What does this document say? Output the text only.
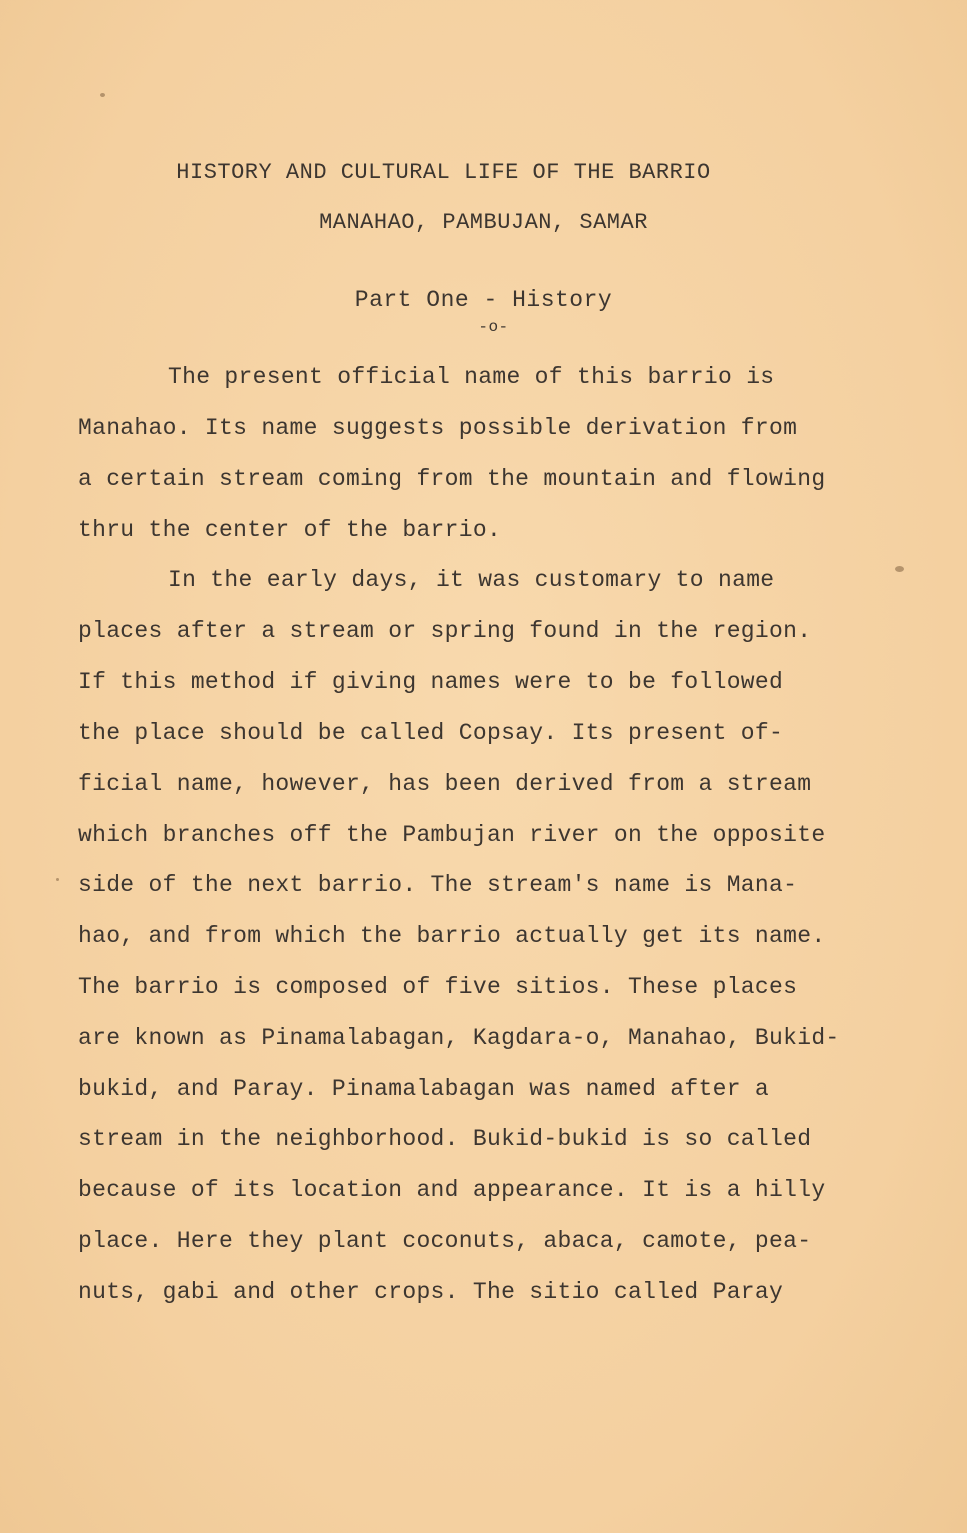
HISTORY AND CULTURAL LIFE OF THE BARRIO
MANAHAO, PAMBUJAN, SAMAR
Part One - History
-o-
The present official name of this barrio is
Manahao. Its name suggests possible derivation from
a certain stream coming from the mountain and flowing
thru the center of the barrio.
In the early days, it was customary to name
places after a stream or spring found in the region.
If this method if giving names were to be followed
the place should be called Copsay. Its present of-
ficial name, however, has been derived from a stream
which branches off the Pambujan river on the opposite
side of the next barrio. The stream's name is Mana-
hao, and from which the barrio actually get its name.
The barrio is composed of five sitios. These places
are known as Pinamalabagan, Kagdara-o, Manahao, Bukid-
bukid, and Paray. Pinamalabagan was named after a
stream in the neighborhood. Bukid-bukid is so called
because of its location and appearance. It is a hilly
place. Here they plant coconuts, abaca, camote, pea-
nuts, gabi and other crops. The sitio called Paray
